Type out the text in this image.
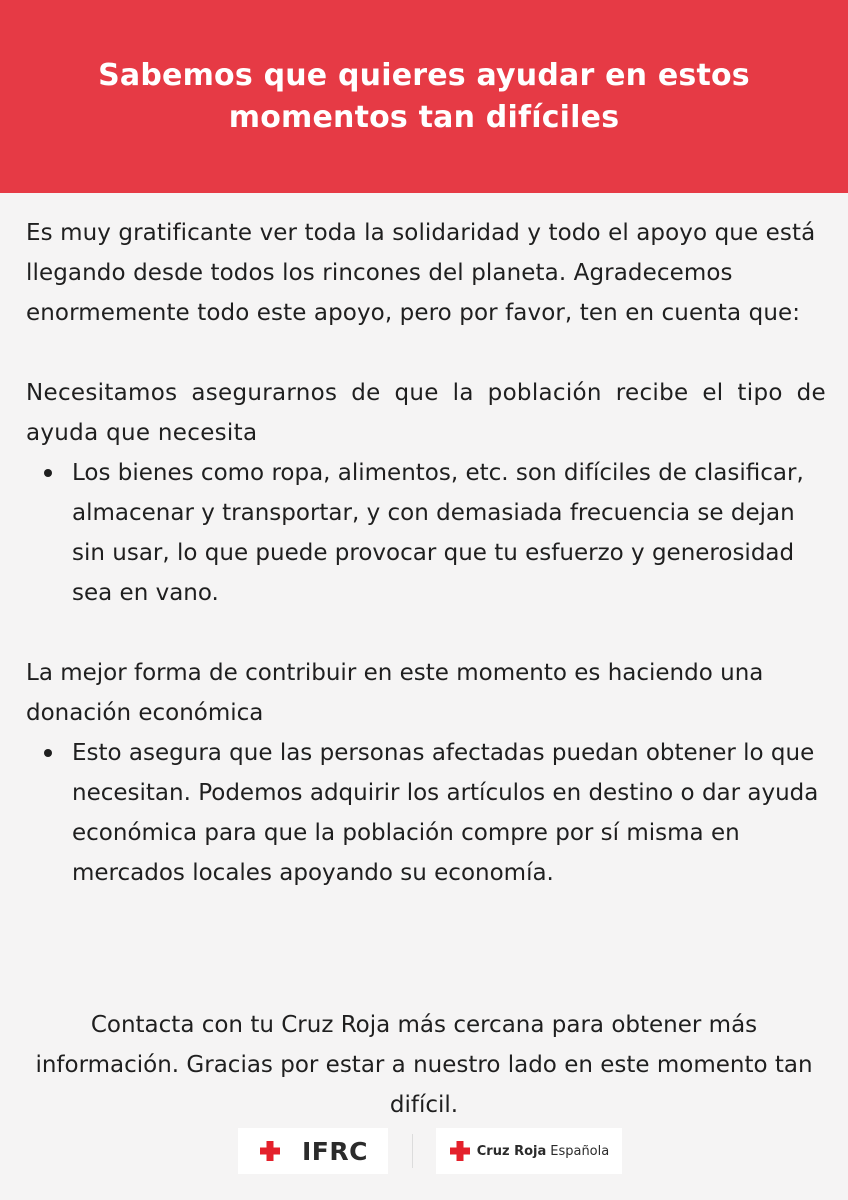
Sabemos que quieres ayudar en estos momentos tan difíciles

Es muy gratificante ver toda la solidaridad y todo el apoyo que está llegando desde todos los rincones del planeta. Agradecemos enormemente todo este apoyo, pero por favor, ten en cuenta que:

Necesitamos asegurarnos de que la población recibe el tipo de ayuda que necesita

Los bienes como ropa, alimentos, etc. son difíciles de clasificar, almacenar y transportar, y con demasiada frecuencia se dejan sin usar, lo que puede provocar que tu esfuerzo y generosidad sea en vano.

La mejor forma de contribuir en este momento es haciendo una donación económica

Esto asegura que las personas afectadas puedan obtener lo que necesitan. Podemos adquirir los artículos en destino o dar ayuda económica para que la población compre por sí misma en mercados locales apoyando su economía.

Contacta con tu Cruz Roja más cercana para obtener más información. Gracias por estar a nuestro lado en este momento tan difícil.

IFRC	Cruz Roja Española
